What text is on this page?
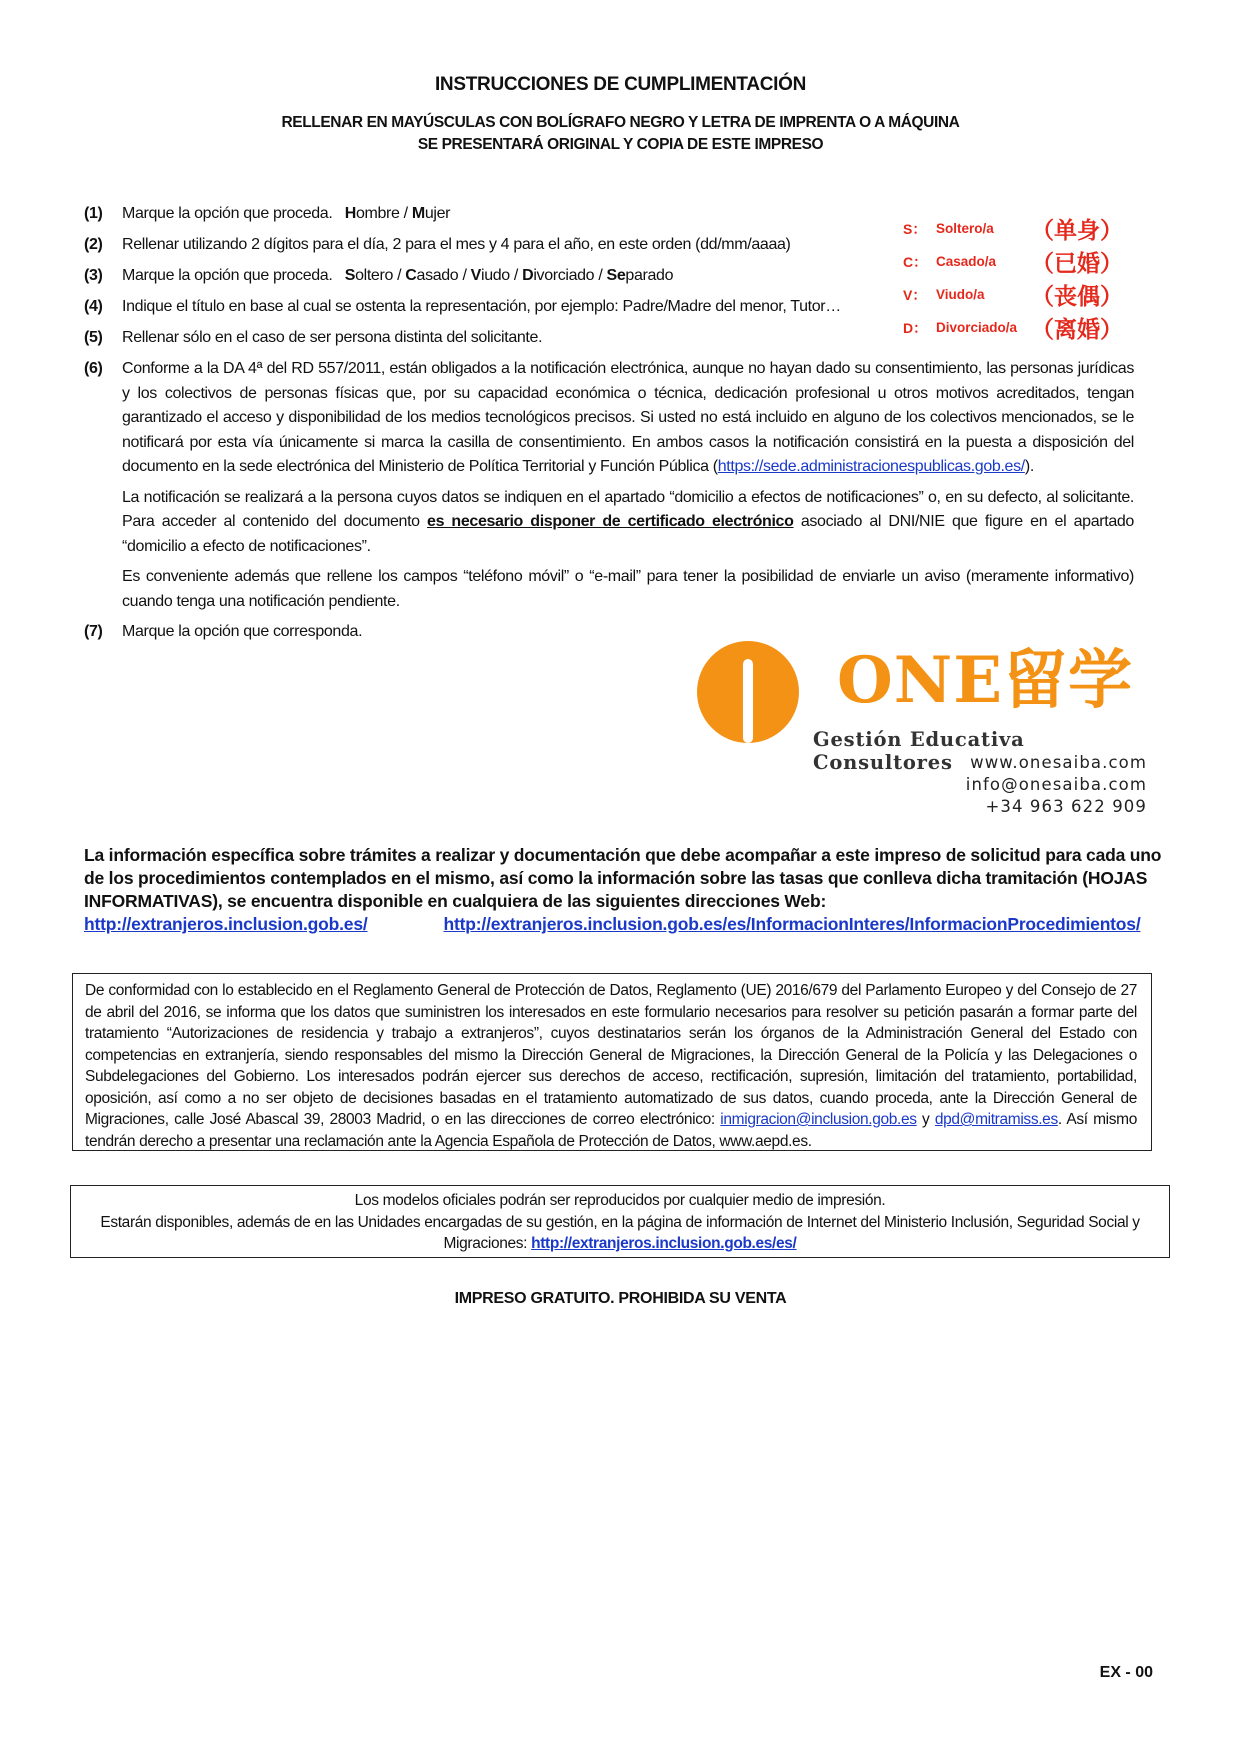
INSTRUCCIONES DE CUMPLIMENTACIÓN
RELLENAR EN MAYÚSCULAS CON BOLÍGRAFO NEGRO Y LETRA DE IMPRENTA O A MÁQUINA
SE PRESENTARÁ ORIGINAL Y COPIA DE ESTE IMPRESO
(1) Marque la opción que proceda. Hombre / Mujer
(2) Rellenar utilizando 2 dígitos para el día, 2 para el mes y 4 para el año, en este orden (dd/mm/aaaa)
(3) Marque la opción que proceda. Soltero / Casado / Viudo / Divorciado / Separado
(4) Indique el título en base al cual se ostenta la representación, por ejemplo: Padre/Madre del menor, Tutor…
(5) Rellenar sólo en el caso de ser persona distinta del solicitante.
(6) Conforme a la DA 4ª del RD 557/2011, están obligados a la notificación electrónica, aunque no hayan dado su consentimiento, las personas jurídicas y los colectivos de personas físicas que, por su capacidad económica o técnica, dedicación profesional u otros motivos acreditados, tengan garantizado el acceso y disponibilidad de los medios tecnológicos precisos. Si usted no está incluido en alguno de los colectivos mencionados, se le notificará por esta vía únicamente si marca la casilla de consentimiento. En ambos casos la notificación consistirá en la puesta a disposición del documento en la sede electrónica del Ministerio de Política Territorial y Función Pública (https://sede.administracionespublicas.gob.es/).

La notificación se realizará a la persona cuyos datos se indiquen en el apartado “domicilio a efectos de notificaciones” o, en su defecto, al solicitante. Para acceder al contenido del documento es necesario disponer de certificado electrónico asociado al DNI/NIE que figure en el apartado “domicilio a efecto de notificaciones”.

Es conveniente además que rellene los campos “teléfono móvil” o “e-mail” para tener la posibilidad de enviarle un aviso (meramente informativo) cuando tenga una notificación pendiente.

(7) Marque la opción que corresponda.
S： Soltero/a	（单身）
C： Casado/a	（已婚）
V： Viudo/a	（丧偶）
D： Divorciado/a （离婚）
ONE留学
Gestión Educativa Consultores	www.onesaiba.com
info@onesaiba.com
+34 963 622 909
La información específica sobre trámites a realizar y documentación que debe acompañar a este impreso de solicitud para cada uno de los procedimientos contemplados en el mismo, así como la información sobre las tasas que conlleva dicha tramitación (HOJAS INFORMATIVAS), se encuentra disponible en cualquiera de las siguientes direcciones Web:
http://extranjeros.inclusion.gob.es/	http://extranjeros.inclusion.gob.es/es/InformacionInteres/InformacionProcedimientos/
De conformidad con lo establecido en el Reglamento General de Protección de Datos, Reglamento (UE) 2016/679 del Parlamento Europeo y del Consejo de 27 de abril del 2016, se informa que los datos que suministren los interesados en este formulario necesarios para resolver su petición pasarán a formar parte del tratamiento “Autorizaciones de residencia y trabajo a extranjeros”, cuyos destinatarios serán los órganos de la Administración General del Estado con competencias en extranjería, siendo responsables del mismo la Dirección General de Migraciones, la Dirección General de la Policía y las Delegaciones o Subdelegaciones del Gobierno. Los interesados podrán ejercer sus derechos de acceso, rectificación, supresión, limitación del tratamiento, portabilidad, oposición, así como a no ser objeto de decisiones basadas en el tratamiento automatizado de sus datos, cuando proceda, ante la Dirección General de Migraciones, calle José Abascal 39, 28003 Madrid, o en las direcciones de correo electrónico: inmigracion@inclusion.gob.es y dpd@mitramiss.es. Así mismo tendrán derecho a presentar una reclamación ante la Agencia Española de Protección de Datos, www.aepd.es.
Los modelos oficiales podrán ser reproducidos por cualquier medio de impresión.
Estarán disponibles, además de en las Unidades encargadas de su gestión, en la página de información de Internet del Ministerio Inclusión, Seguridad Social y Migraciones: http://extranjeros.inclusion.gob.es/es/
IMPRESO GRATUITO. PROHIBIDA SU VENTA
EX - 00
